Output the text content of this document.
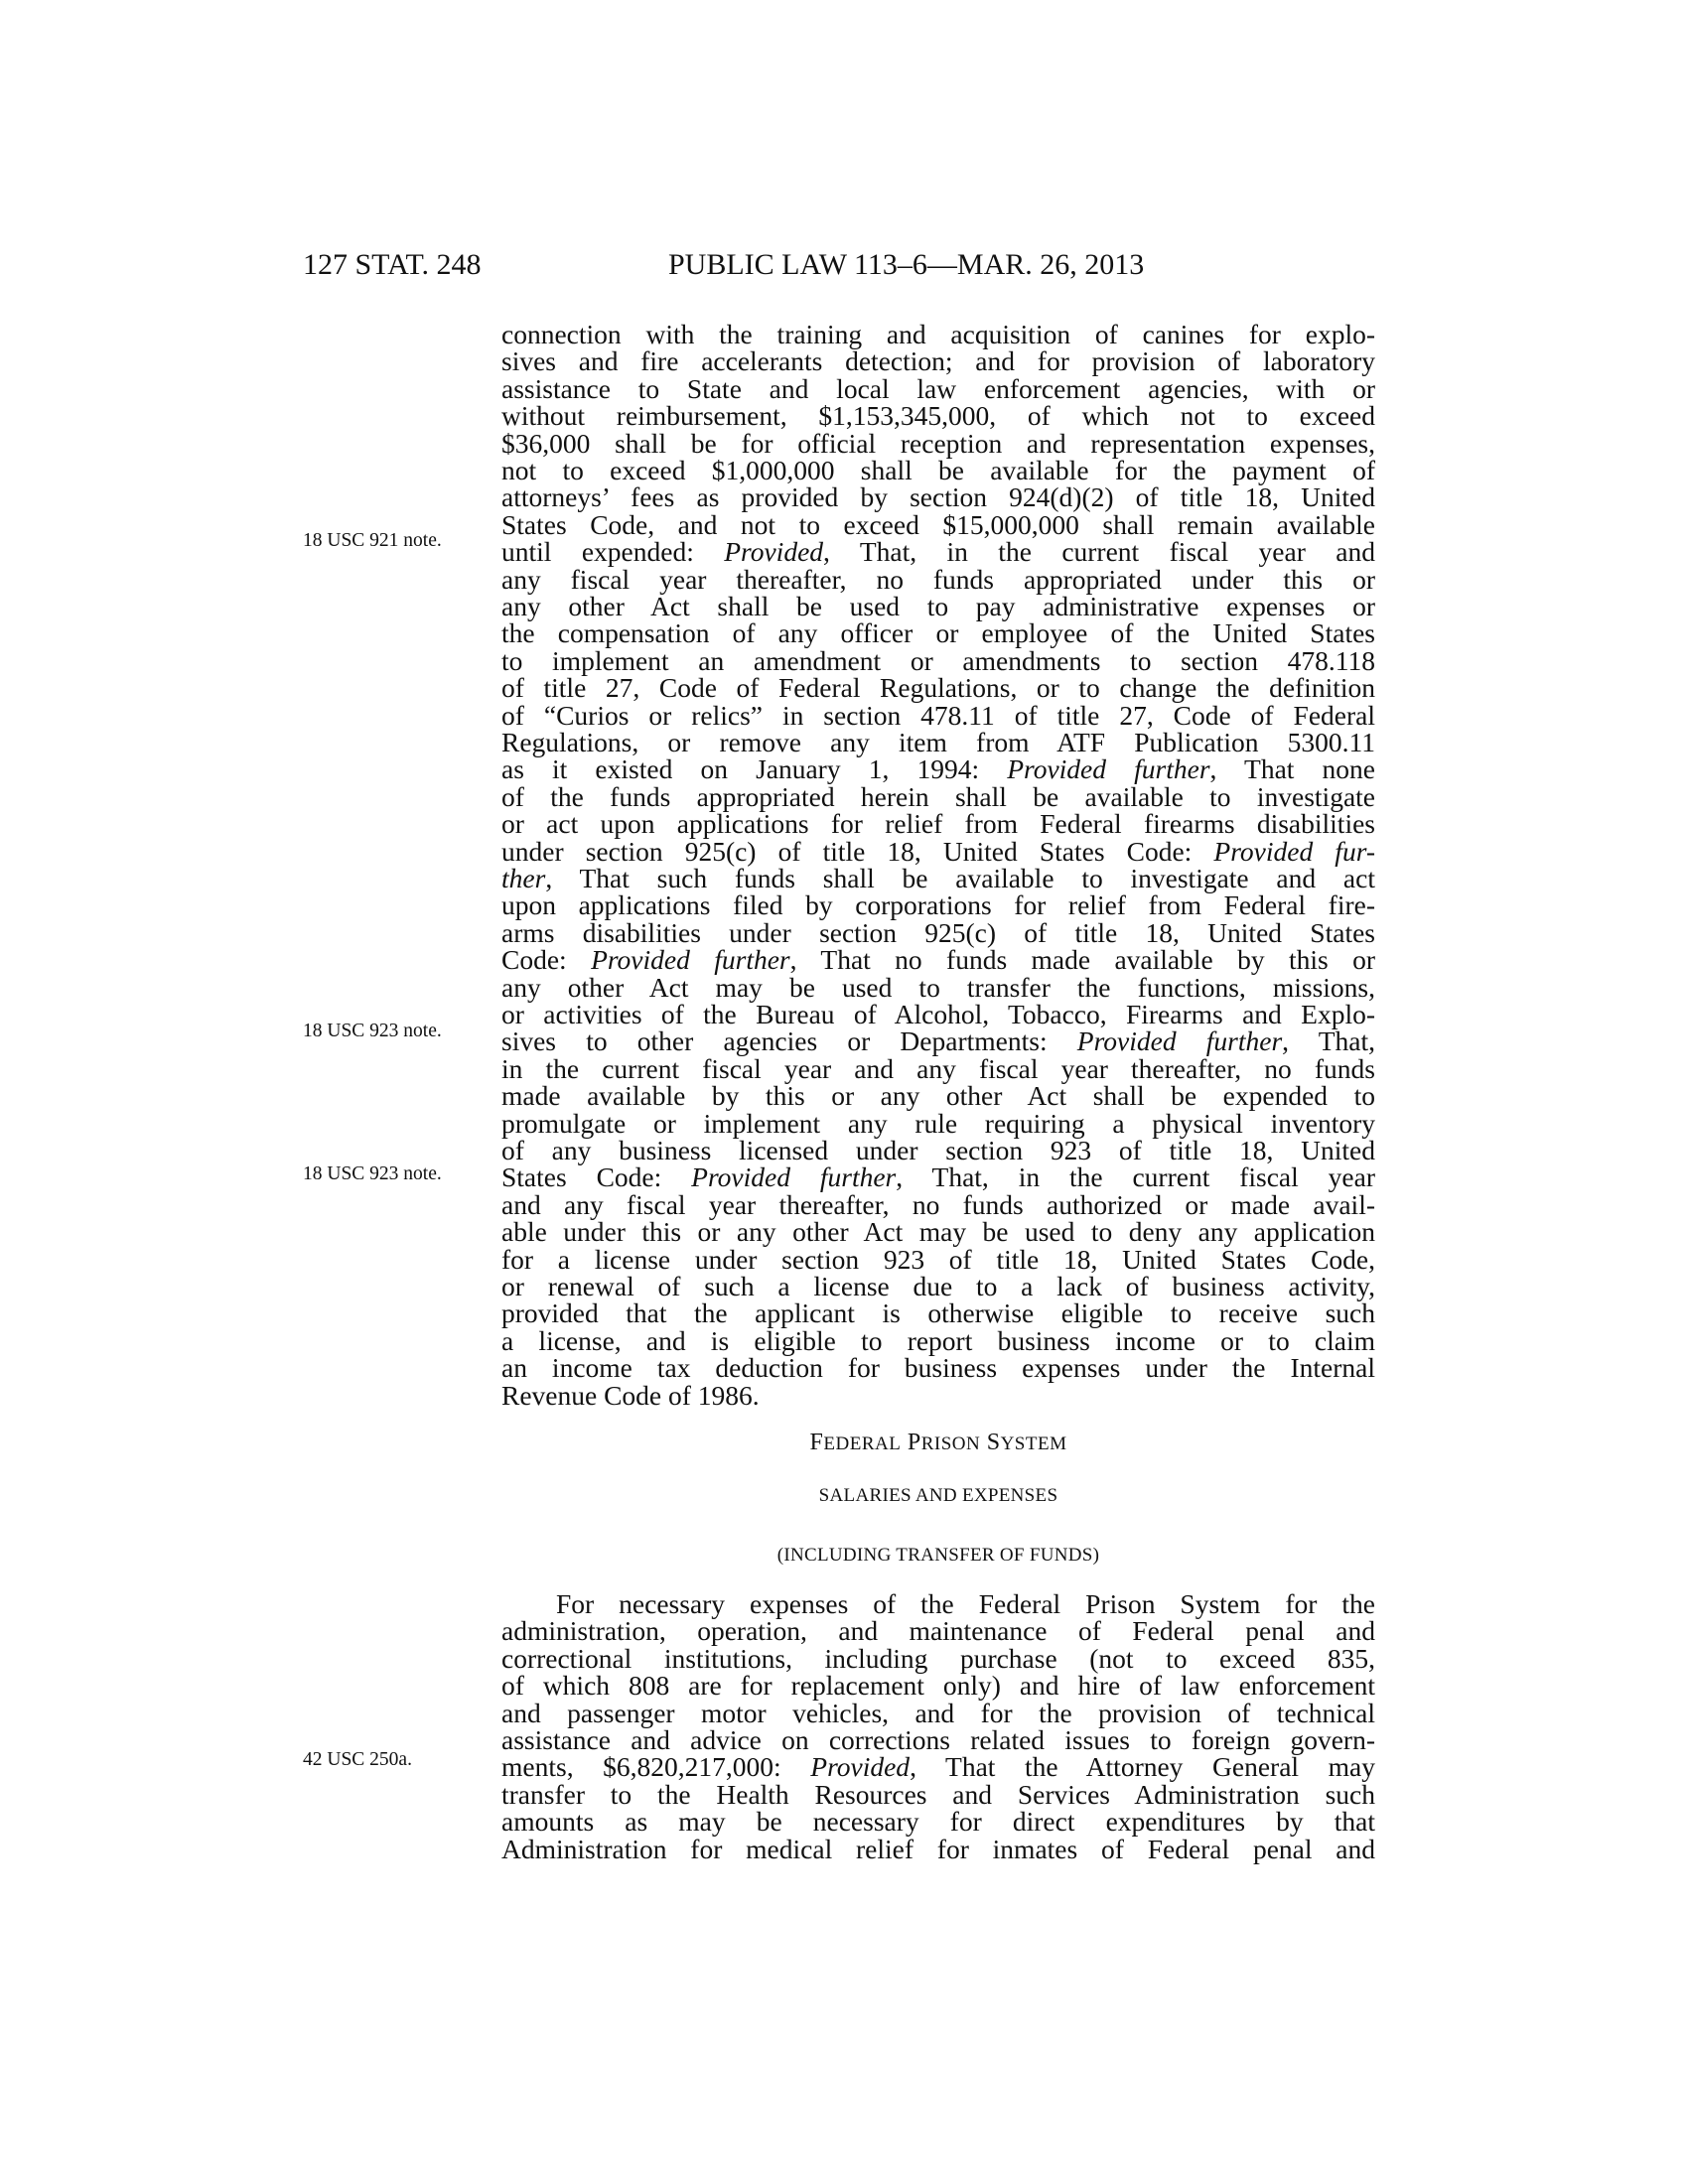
127 STAT. 248	PUBLIC LAW 113–6—MAR. 26, 2013
18 USC 921 note.
18 USC 923 note.
18 USC 923 note.
42 USC 250a.
connection with the training and acquisition of canines for explo-
sives and fire accelerants detection; and for provision of laboratory
assistance to State and local law enforcement agencies, with or
without reimbursement, $1,153,345,000, of which not to exceed
$36,000 shall be for official reception and representation expenses,
not to exceed $1,000,000 shall be available for the payment of
attorneys’ fees as provided by section 924(d)(2) of title 18, United
States Code, and not to exceed $15,000,000 shall remain available
until expended: Provided, That, in the current fiscal year and
any fiscal year thereafter, no funds appropriated under this or
any other Act shall be used to pay administrative expenses or
the compensation of any officer or employee of the United States
to implement an amendment or amendments to section 478.118
of title 27, Code of Federal Regulations, or to change the definition
of “Curios or relics” in section 478.11 of title 27, Code of Federal
Regulations, or remove any item from ATF Publication 5300.11
as it existed on January 1, 1994: Provided further, That none
of the funds appropriated herein shall be available to investigate
or act upon applications for relief from Federal firearms disabilities
under section 925(c) of title 18, United States Code: Provided fur-
ther, That such funds shall be available to investigate and act
upon applications filed by corporations for relief from Federal fire-
arms disabilities under section 925(c) of title 18, United States
Code: Provided further, That no funds made available by this or
any other Act may be used to transfer the functions, missions,
or activities of the Bureau of Alcohol, Tobacco, Firearms and Explo-
sives to other agencies or Departments: Provided further, That,
in the current fiscal year and any fiscal year thereafter, no funds
made available by this or any other Act shall be expended to
promulgate or implement any rule requiring a physical inventory
of any business licensed under section 923 of title 18, United
States Code: Provided further, That, in the current fiscal year
and any fiscal year thereafter, no funds authorized or made avail-
able under this or any other Act may be used to deny any application
for a license under section 923 of title 18, United States Code,
or renewal of such a license due to a lack of business activity,
provided that the applicant is otherwise eligible to receive such
a license, and is eligible to report business income or to claim
an income tax deduction for business expenses under the Internal
Revenue Code of 1986.
FEDERAL PRISON SYSTEM
SALARIES AND EXPENSES
(INCLUDING TRANSFER OF FUNDS)
For necessary expenses of the Federal Prison System for the
administration, operation, and maintenance of Federal penal and
correctional institutions, including purchase (not to exceed 835,
of which 808 are for replacement only) and hire of law enforcement
and passenger motor vehicles, and for the provision of technical
assistance and advice on corrections related issues to foreign govern-
ments, $6,820,217,000: Provided, That the Attorney General may
transfer to the Health Resources and Services Administration such
amounts as may be necessary for direct expenditures by that
Administration for medical relief for inmates of Federal penal and
